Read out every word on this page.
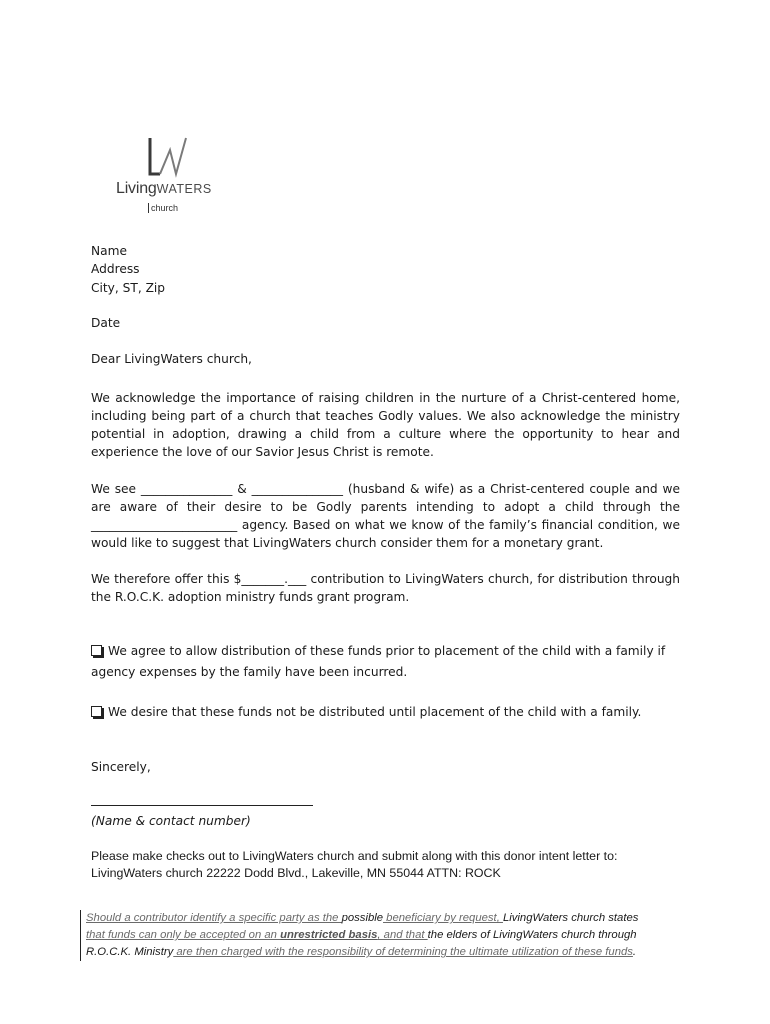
LivingWATERS
church
Name
Address
City, ST, Zip
Date
Dear LivingWaters church,
We acknowledge the importance of raising children in the nurture of a Christ-centered home, including being part of a church that teaches Godly values. We also acknowledge the ministry potential in adoption, drawing a child from a culture where the opportunity to hear and experience the love of our Savior Jesus Christ is remote.
We see _______________ & _______________ (husband & wife) as a Christ-centered couple and we are aware of their desire to be Godly parents intending to adopt a child through the ________________________ agency. Based on what we know of the family’s financial condition, we would like to suggest that LivingWaters church consider them for a monetary grant.
We therefore offer this $_______.___ contribution to LivingWaters church, for distribution through the R.O.C.K. adoption ministry funds grant program.
We agree to allow distribution of these funds prior to placement of the child with a family if
agency expenses by the family have been incurred.
We desire that these funds not be distributed until placement of the child with a family.
Sincerely,
(Name & contact number)
Please make checks out to LivingWaters church and submit along with this donor intent letter to:
LivingWaters church 22222 Dodd Blvd., Lakeville, MN 55044 ATTN: ROCK
Should a contributor identify a specific party as the possible beneficiary by request, LivingWaters church states
that funds can only be accepted on an unrestricted basis, and that the elders of LivingWaters church through
R.O.C.K. Ministry are then charged with the responsibility of determining the ultimate utilization of these funds.
